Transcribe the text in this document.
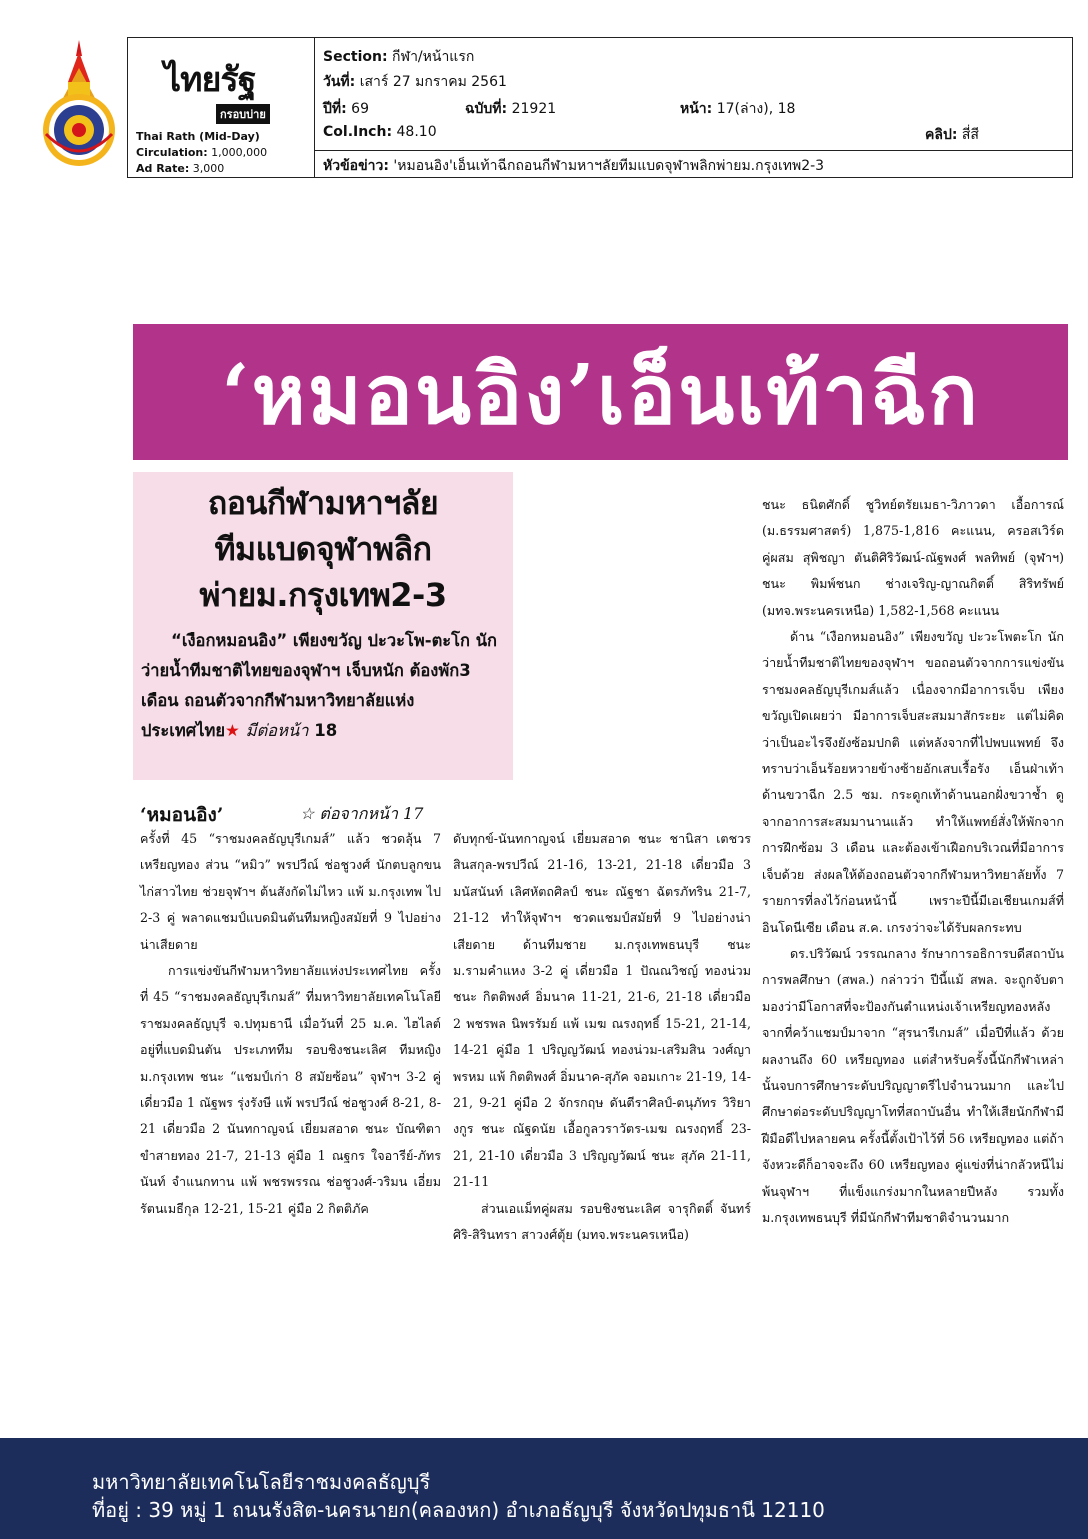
ไทยรัฐ
กรอบบ่าย
Thai Rath (Mid-Day)
Circulation: 1,000,000
Ad Rate: 3,000
Section: กีฬา/หน้าแรก
วันที่: เสาร์ 27 มกราคม 2561
ปีที่: 69	ฉบับที่: 21921	หน้า: 17(ล่าง), 18
Col.Inch: 48.10	คลิป: สี่สี
หัวข้อข่าว: 'หมอนอิง'เอ็นเท้าฉีกถอนกีฬามหาฯลัยทีมแบดจุฬาพลิกพ่ายม.กรุงเทพ2-3
‘หมอนอิง’เอ็นเท้าฉีก
ถอนกีฬามหาฯลัย
ทีมแบดจุฬาพลิก
พ่ายม.กรุงเทพ2-3
“เงือกหมอนอิง” เพียงขวัญ ปะวะโพ-ตะโก นักว่ายน้ำทีมชาติไทยของจุฬาฯ เจ็บหนัก ต้องพัก3 เดือน ถอนตัวจากกีฬามหาวิทยาลัยแห่งประเทศไทย★ มีต่อหน้า 18
‘หมอนอิง’	☆ ต่อจากหน้า 17

ครั้งที่ 45 “ราชมงคลธัญบุรีเกมส์” แล้ว ชวดลุ้น 7 เหรียญทอง ส่วน “หมิว” พรปวีณ์ ช่อชูวงศ์ นักตบลูกขนไก่สาวไทย ช่วยจุฬาฯ ต้นสังกัดไม่ไหว แพ้ ม.กรุงเทพ ไป 2-3 คู่ พลาดแชมป์แบดมินตันทีมหญิงสมัยที่ 9 ไปอย่างน่าเสียดาย

การแข่งขันกีฬามหาวิทยาลัยแห่งประเทศไทย ครั้งที่ 45 “ราชมงคลธัญบุรีเกมส์” ที่มหาวิทยาลัยเทคโนโลยีราชมงคลธัญบุรี จ.ปทุมธานี เมื่อวันที่ 25 ม.ค. ไฮไลต์อยู่ที่แบดมินตัน ประเภททีม รอบชิงชนะเลิศ ทีมหญิง ม.กรุงเทพ ชนะ “แชมป์เก่า 8 สมัยซ้อน” จุฬาฯ 3-2 คู่ เดี่ยวมือ 1 ณัฐพร รุ่งรังษี แพ้ พรปวีณ์ ช่อชูวงศ์ 8-21, 8-21 เดี่ยวมือ 2 นันทกาญจน์ เยี่ยมสอาด ชนะ บัณฑิตา ขำสายทอง 21-7, 21-13 คู่มือ 1 ณฐกร ใจอารีย์-ภัทรนันท์ จำแนกทาน แพ้ พชรพรรณ ช่อชูวงศ์-วริมน เอี่ยมรัตนเมธีกุล 12-21, 15-21 คู่มือ 2 กิตติภัค

ดับทุกข์-นันทกาญจน์ เยี่ยมสอาด ชนะ ชานิสา เตชวรสินสกุล-พรปวีณ์ 21-16, 13-21, 21-18 เดี่ยวมือ 3 มนัสนันท์ เลิศหัตถศิลป์ ชนะ ณัฐชา ฉัตรภัทริน 21-7, 21-12 ทำให้จุฬาฯ ชวดแชมป์สมัยที่ 9 ไปอย่างน่าเสียดาย ด้านทีมชาย ม.กรุงเทพธนบุรี ชนะ ม.รามคำแหง 3-2 คู่ เดี่ยวมือ 1 ปัณณวิชญ์ ทองน่วม ชนะ กิตติพงศ์ อิ่มนาค 11-21, 21-6, 21-18 เดี่ยวมือ 2 พชรพล นิพรรัมย์ แพ้ เมฆ ณรงฤทธิ์ 15-21, 21-14, 14-21 คู่มือ 1 ปริญญวัฒน์ ทองน่วม-เสริมสิน วงศ์ญาพรหม แพ้ กิตติพงศ์ อิ่มนาค-สุภัค จอมเกาะ 21-19, 14-21, 9-21 คู่มือ 2 จักรกฤษ ดันตีราศิลป์-ตนุภัทร วิริยางกูร ชนะ ณัฐดนัย เอื้อกูลวราวัตร-เมฆ ณรงฤทธิ์ 23-21, 21-10 เดี่ยวมือ 3 ปริญญวัฒน์ ชนะ สุภัค 21-11, 21-11

ส่วนเอแม็ทคู่ผสม รอบชิงชนะเลิศ จารุกิตติ์ จันทร์ศิริ-สิรินทรา สาวงศ์ตุ้ย (มทจ.พระนครเหนือ)

ชนะ ธนิตศักดิ์ ชูวิทย์ตรัยเมธา-วิภาวดา เอื้อการณ์ (ม.ธรรมศาสตร์) 1,875-1,816 คะแนน, ครอสเวิร์ดคู่ผสม สุพิชญา ตันติศิริวัฒน์-ณัฐพงศ์ พลทิพย์ (จุฬาฯ) ชนะ พิมพ์ชนก ช่างเจริญ-ญาณกิตติ์ สิริทรัพย์ (มทจ.พระนครเหนือ) 1,582-1,568 คะแนน

ด้าน “เงือกหมอนอิง” เพียงขวัญ ปะวะโพตะโก นักว่ายน้ำทีมชาติไทยของจุฬาฯ ขอถอนตัวจากการแข่งขันราชมงคลธัญบุรีเกมส์แล้ว เนื่องจากมีอาการเจ็บ เพียงขวัญเปิดเผยว่า มีอาการเจ็บสะสมมาสักระยะ แต่ไม่คิดว่าเป็นอะไรจึงยังซ้อมปกติ แต่หลังจากที่ไปพบแพทย์ จึงทราบว่าเอ็นร้อยหวายข้างซ้ายอักเสบเรื้อรัง เอ็นฝ่าเท้าด้านขวาฉีก 2.5 ซม. กระดูกเท้าด้านนอกฝั่งขวาช้ำ ดูจากอาการสะสมมานานแล้ว ทำให้แพทย์สั่งให้พักจากการฝึกซ้อม 3 เดือน และต้องเข้าเฝือกบริเวณที่มีอาการเจ็บด้วย ส่งผลให้ต้องถอนตัวจากกีฬามหาวิทยาลัยทั้ง 7 รายการที่ลงไว้ก่อนหน้านี้ เพราะปีนี้มีเอเชียนเกมส์ที่อินโดนีเซีย เดือน ส.ค. เกรงว่าจะได้รับผลกระทบ

ดร.ปริวัฒน์ วรรณกลาง รักษาการอธิการบดีสถาบันการพลศึกษา (สพล.) กล่าวว่า ปีนี้แม้ สพล. จะถูกจับตามองว่ามีโอกาสที่จะป้องกันตำแหน่งเจ้าเหรียญทองหลังจากที่คว้าแชมป์มาจาก “สุรนารีเกมส์” เมื่อปีที่แล้ว ด้วยผลงานถึง 60 เหรียญทอง แต่สำหรับครั้งนี้นักกีฬาเหล่านั้นจบการศึกษาระดับปริญญาตรีไปจำนวนมาก และไปศึกษาต่อระดับปริญญาโทที่สถาบันอื่น ทำให้เสียนักกีฬามีฝีมือดีไปหลายคน ครั้งนี้ตั้งเป้าไว้ที่ 56 เหรียญทอง แต่ถ้าจังหวะดีก็อาจจะถึง 60 เหรียญทอง คู่แข่งที่น่ากลัวหนีไม่พ้นจุฬาฯ ที่แข็งแกร่งมากในหลายปีหลัง รวมทั้ง ม.กรุงเทพธนบุรี ที่มีนักกีฬาทีมชาติจำนวนมาก

มหาวิทยาลัยเทคโนโลยีราชมงคลธัญบุรี
ที่อยู่ : 39 หมู่ 1 ถนนรังสิต-นครนายก(คลองหก) อำเภอธัญบุรี จังหวัดปทุมธานี 12110
